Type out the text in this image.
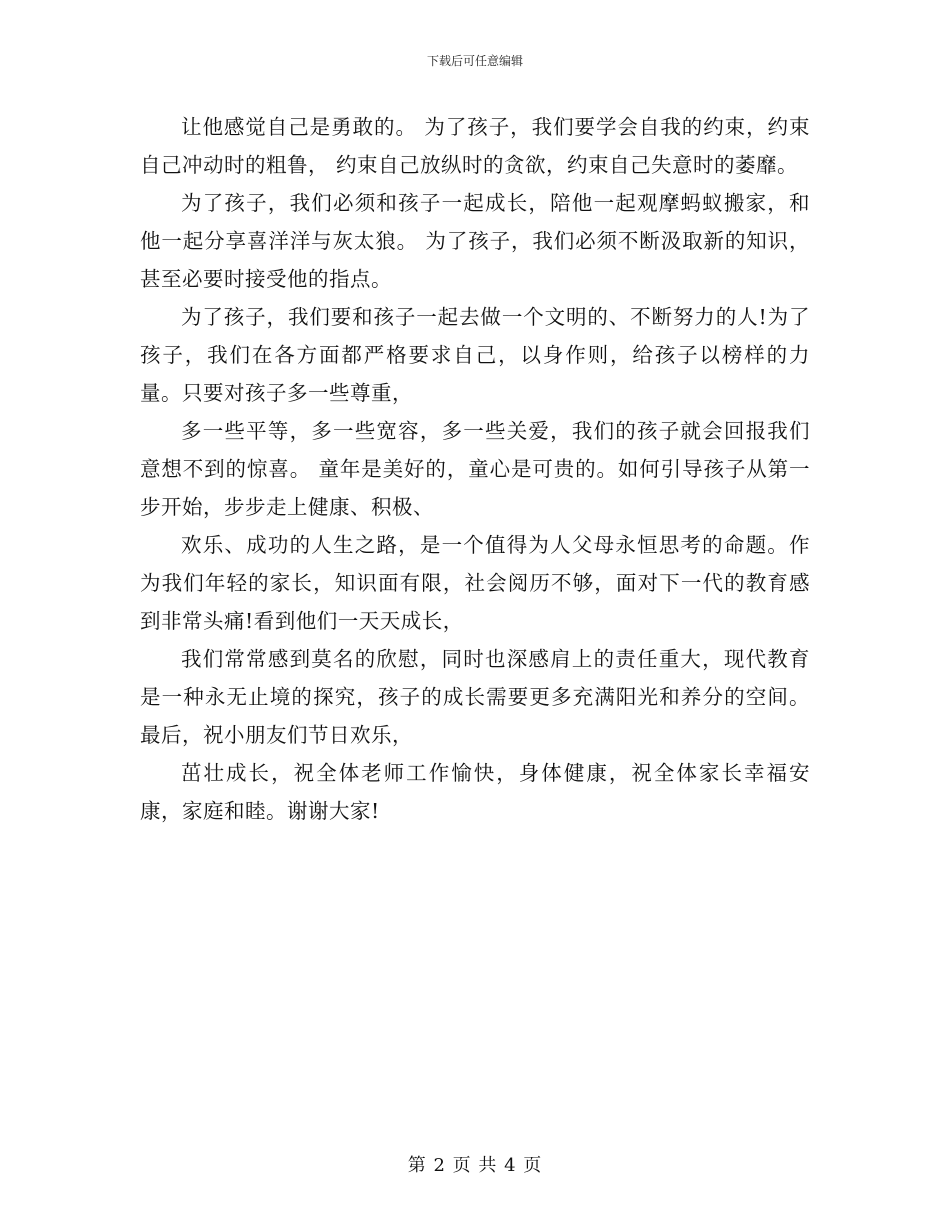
下载后可任意编辑

让他感觉自己是勇敢的。 为了孩子，我们要学会自我的约束，约束自己冲动时的粗鲁， 约束自己放纵时的贪欲，约束自己失意时的萎靡。

为了孩子，我们必须和孩子一起成长，陪他一起观摩蚂蚁搬家，和他一起分享喜洋洋与灰太狼。 为了孩子，我们必须不断汲取新的知识，甚至必要时接受他的指点。

为了孩子，我们要和孩子一起去做一个文明的、不断努力的人!为了孩子，我们在各方面都严格要求自己，以身作则，给孩子以榜样的力量。只要对孩子多一些尊重，

多一些平等，多一些宽容，多一些关爱，我们的孩子就会回报我们意想不到的惊喜。 童年是美好的，童心是可贵的。如何引导孩子从第一步开始，步步走上健康、积极、

欢乐、成功的人生之路，是一个值得为人父母永恒思考的命题。作为我们年轻的家长，知识面有限，社会阅历不够，面对下一代的教育感到非常头痛!看到他们一天天成长，

我们常常感到莫名的欣慰，同时也深感肩上的责任重大，现代教育是一种永无止境的探究，孩子的成长需要更多充满阳光和养分的空间。   最后，祝小朋友们节日欢乐，

茁壮成长，祝全体老师工作愉快，身体健康，祝全体家长幸福安康，家庭和睦。谢谢大家!

第 2 页 共 4 页
